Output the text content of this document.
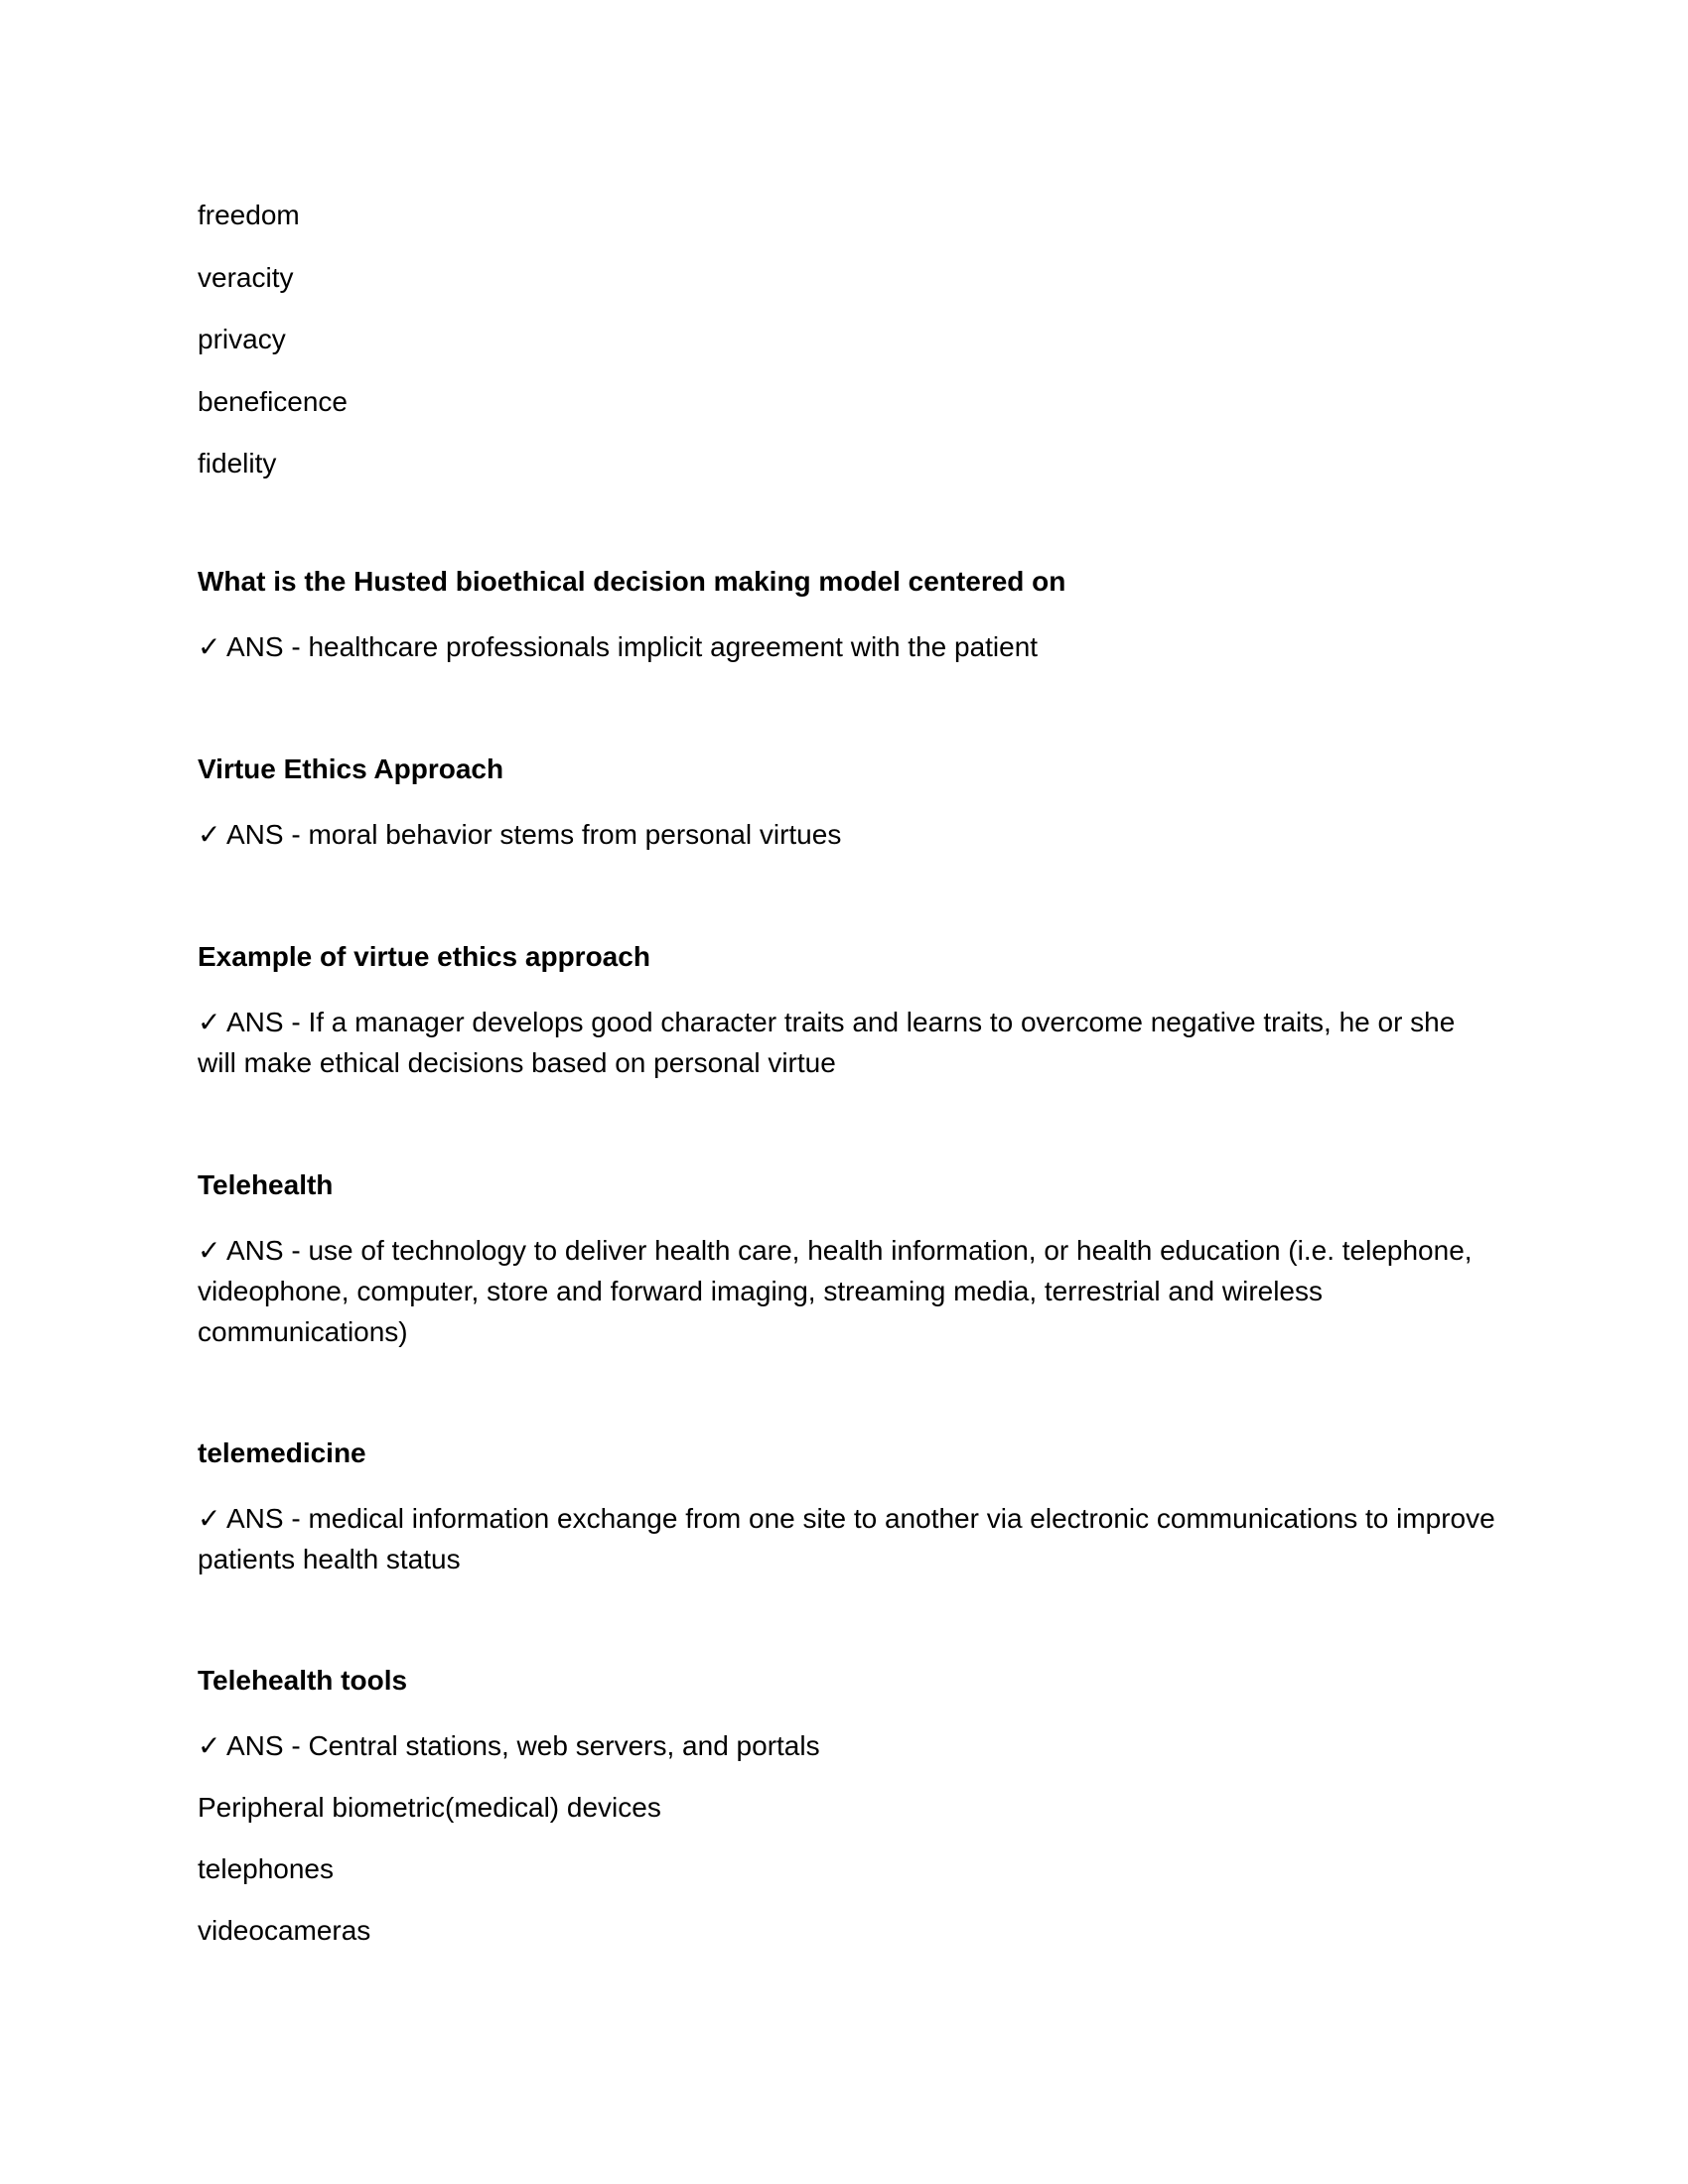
freedom

veracity

privacy

beneficence

fidelity

What is the Husted bioethical decision making model centered on

✓ ANS - healthcare professionals implicit agreement with the patient

Virtue Ethics Approach

✓ ANS - moral behavior stems from personal virtues

Example of virtue ethics approach

✓ ANS - If a manager develops good character traits and learns to overcome negative traits, he or she will make ethical decisions based on personal virtue

Telehealth

✓ ANS - use of technology to deliver health care, health information, or health education (i.e. telephone, videophone, computer, store and forward imaging, streaming media, terrestrial and wireless communications)

telemedicine

✓ ANS - medical information exchange from one site to another via electronic communications to improve patients health status

Telehealth tools

✓ ANS - Central stations, web servers, and portals

Peripheral biometric(medical) devices

telephones

videocameras
